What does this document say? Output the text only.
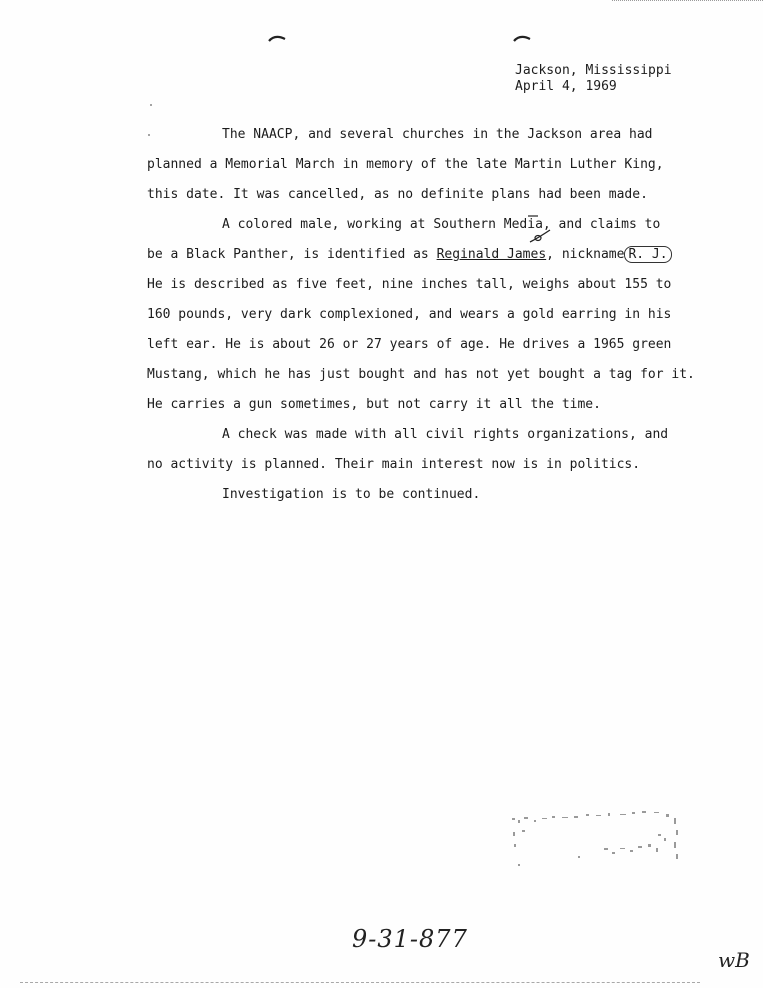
Jackson, Mississippi
April 4, 1969
The NAACP, and several churches in the Jackson area had
planned a Memorial March in memory of the late Martin Luther King,
this date. It was cancelled, as no definite plans had been made.
A colored male, working at Southern Media, and claims to
be a Black Panther, is identified as Reginald James, nickname R. J.
He is described as five feet, nine inches tall, weighs about 155 to
160 pounds, very dark complexioned, and wears a gold earring in his
left ear. He is about 26 or 27 years of age. He drives a 1965 green
Mustang, which he has just bought and has not yet bought a tag for it.
He carries a gun sometimes, but not carry it all the time.
A check was made with all civil rights organizations, and
no activity is planned. Their main interest now is in politics.
Investigation is to be continued.
9-31-877
wB
